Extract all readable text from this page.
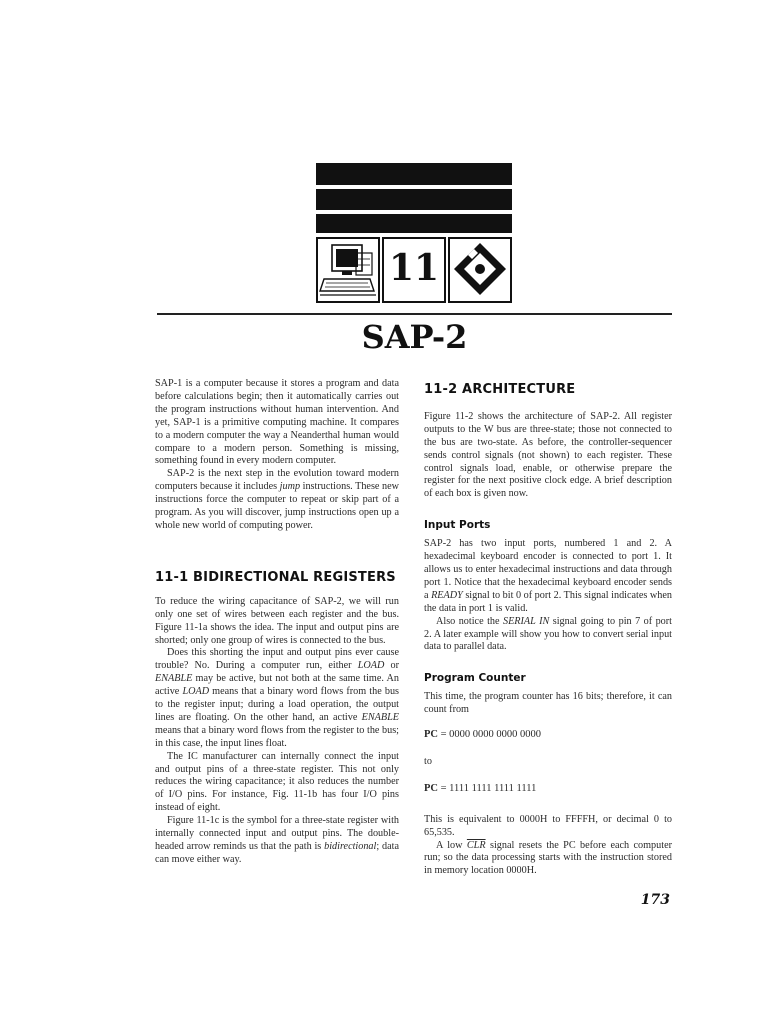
11
SAP-2

SAP-1 is a computer because it stores a program and data before calculations begin; then it automatically carries out the program instructions without human intervention. And yet, SAP-1 is a primitive computing machine. It compares to a modern computer the way a Neanderthal human would compare to a modern person. Something is missing, something found in every modern computer.

SAP-2 is the next step in the evolution toward modern computers because it includes jump instructions. These new instructions force the computer to repeat or skip part of a program. As you will discover, jump instructions open up a whole new world of computing power.

11-1 BIDIRECTIONAL REGISTERS

To reduce the wiring capacitance of SAP-2, we will run only one set of wires between each register and the bus. Figure 11-1a shows the idea. The input and output pins are shorted; only one group of wires is connected to the bus.

Does this shorting the input and output pins ever cause trouble? No. During a computer run, either LOAD or ENABLE may be active, but not both at the same time. An active LOAD means that a binary word flows from the bus to the register input; during a load operation, the output lines are floating. On the other hand, an active ENABLE means that a binary word flows from the register to the bus; in this case, the input lines float.

The IC manufacturer can internally connect the input and output pins of a three-state register. This not only reduces the wiring capacitance; it also reduces the number of I/O pins. For instance, Fig. 11-1b has four I/O pins instead of eight.

Figure 11-1c is the symbol for a three-state register with internally connected input and output pins. The double-headed arrow reminds us that the path is bidirectional; data can move either way.

11-2 ARCHITECTURE

Figure 11-2 shows the architecture of SAP-2. All register outputs to the W bus are three-state; those not connected to the bus are two-state. As before, the controller-sequencer sends control signals (not shown) to each register. These control signals load, enable, or otherwise prepare the register for the next positive clock edge. A brief description of each box is given now.

Input Ports

SAP-2 has two input ports, numbered 1 and 2. A hexadecimal keyboard encoder is connected to port 1. It allows us to enter hexadecimal instructions and data through port 1. Notice that the hexadecimal keyboard encoder sends a READY signal to bit 0 of port 2. This signal indicates when the data in port 1 is valid.

Also notice the SERIAL IN signal going to pin 7 of port 2. A later example will show you how to convert serial input data to parallel data.

Program Counter

This time, the program counter has 16 bits; therefore, it can count from

PC = 0000 0000 0000 0000

to

PC = 1111 1111 1111 1111

This is equivalent to 0000H to FFFFH, or decimal 0 to 65,535.

A low $\overline{CLR}$ signal resets the PC before each computer run; so the data processing starts with the instruction stored in memory location 0000H.

173
